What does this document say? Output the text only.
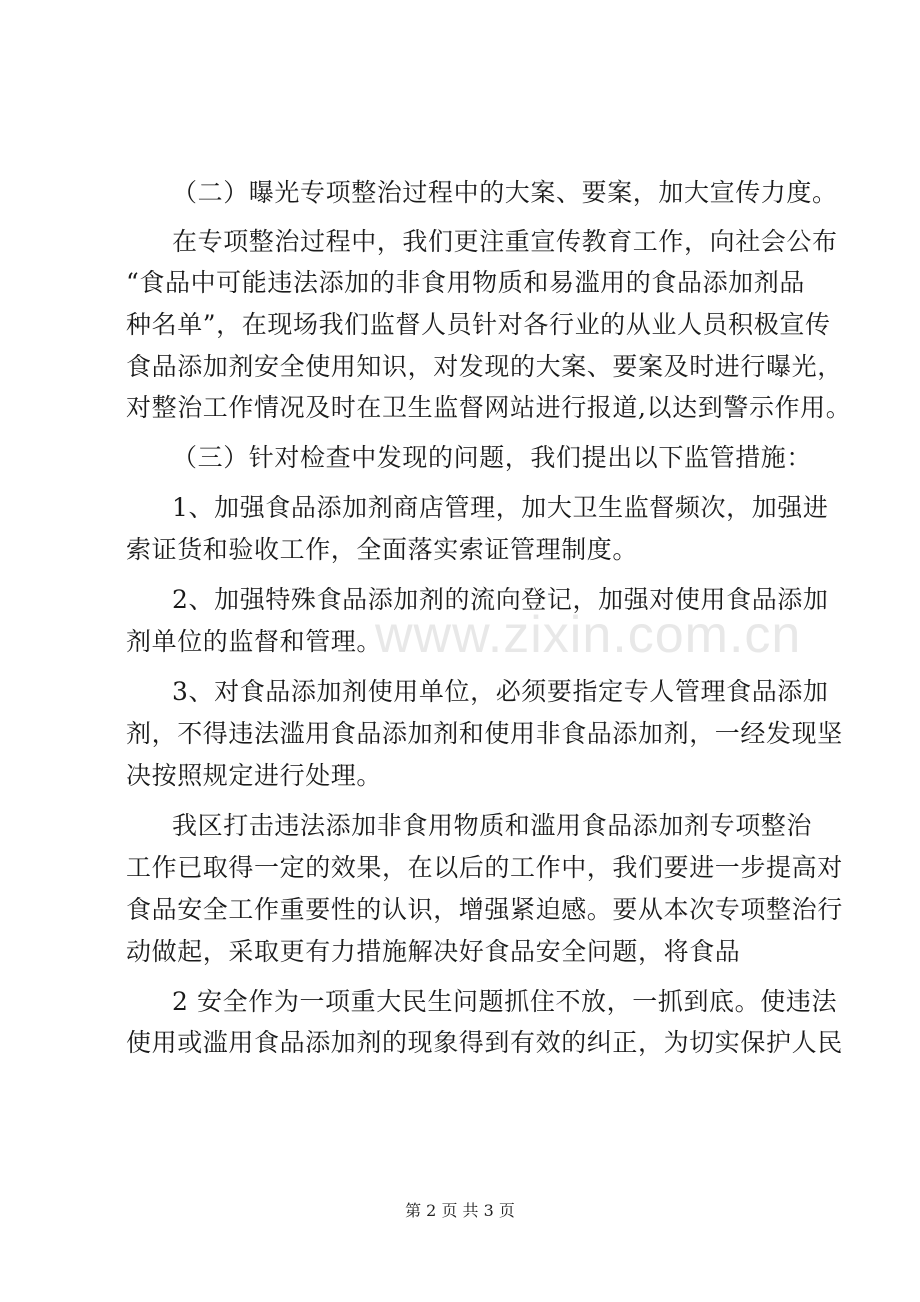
www.zixin.com.cn
（二）曝光专项整治过程中的大案、要案，加大宣传力度。
在专项整治过程中，我们更注重宣传教育工作，向社会公布
“食品中可能违法添加的非食用物质和易滥用的食品添加剂品
种名单”，在现场我们监督人员针对各行业的从业人员积极宣传
食品添加剂安全使用知识，对发现的大案、要案及时进行曝光，
对整治工作情况及时在卫生监督网站进行报道,以达到警示作用。
（三）针对检查中发现的问题，我们提出以下监管措施：
1、加强食品添加剂商店管理，加大卫生监督频次，加强进
索证货和验收工作，全面落实索证管理制度。
2、加强特殊食品添加剂的流向登记，加强对使用食品添加
剂单位的监督和管理。
3、对食品添加剂使用单位，必须要指定专人管理食品添加
剂，不得违法滥用食品添加剂和使用非食品添加剂，一经发现坚
决按照规定进行处理。
我区打击违法添加非食用物质和滥用食品添加剂专项整治
工作已取得一定的效果，在以后的工作中，我们要进一步提高对
食品安全工作重要性的认识，增强紧迫感。要从本次专项整治行
动做起，采取更有力措施解决好食品安全问题，将食品
2 安全作为一项重大民生问题抓住不放，一抓到底。使违法
使用或滥用食品添加剂的现象得到有效的纠正，为切实保护人民
第 2 页 共 3 页
